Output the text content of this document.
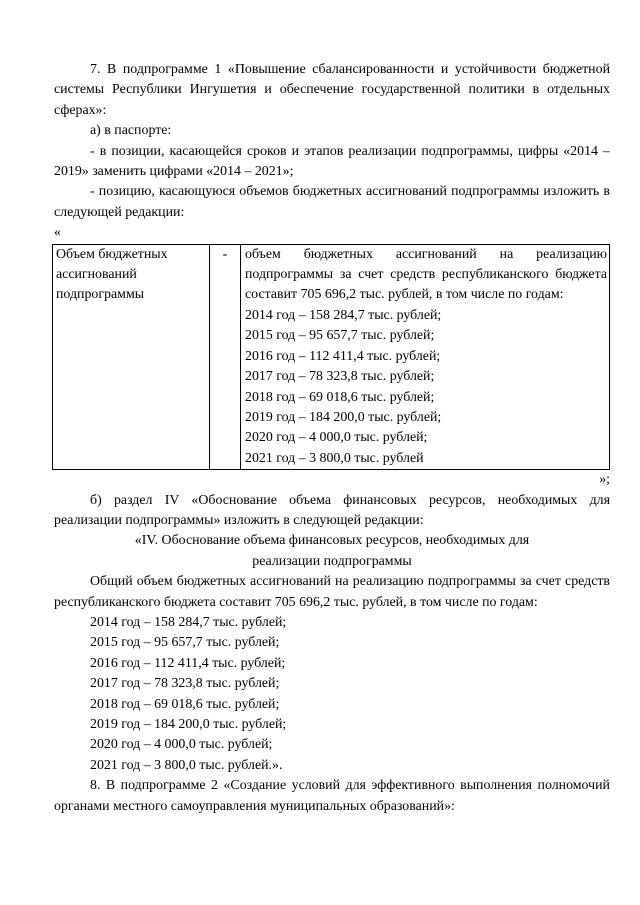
7. В подпрограмме 1 «Повышение сбалансированности и устойчивости бюджетной системы Республики Ингушетия и обеспечение государственной политики в отдельных сферах»:

а) в паспорте:

- в позиции, касающейся сроков и этапов реализации подпрограммы, цифры «2014 – 2019» заменить цифрами «2014 – 2021»;

- позицию, касающуюся объемов бюджетных ассигнований подпрограммы изложить в следующей редакции:

«

Объем бюджетных ассигнований подпрограммы	-	объем бюджетных ассигнований на реализацию подпрограммы за счет средств республиканского бюджета составит 705 696,2 тыс. рублей, в том числе по годам:

2014 год – 158 284,7 тыс. рублей;

2015 год – 95 657,7 тыс. рублей;

2016 год – 112 411,4 тыс. рублей;

2017 год – 78 323,8 тыс. рублей;

2018 год – 69 018,6 тыс. рублей;

2019 год – 184 200,0 тыс. рублей;

2020 год – 4 000,0 тыс. рублей;

2021 год – 3 800,0 тыс. рублей

»;

б) раздел IV «Обоснование объема финансовых ресурсов, необходимых для реализации подпрограммы» изложить в следующей редакции:

«IV. Обоснование объема финансовых ресурсов, необходимых для

реализации подпрограммы

Общий объем бюджетных ассигнований на реализацию подпрограммы за счет средств республиканского бюджета составит 705 696,2 тыс. рублей, в том числе по годам:

2014 год – 158 284,7 тыс. рублей;

2015 год – 95 657,7 тыс. рублей;

2016 год – 112 411,4 тыс. рублей;

2017 год – 78 323,8 тыс. рублей;

2018 год – 69 018,6 тыс. рублей;

2019 год – 184 200,0 тыс. рублей;

2020 год – 4 000,0 тыс. рублей;

2021 год – 3 800,0 тыс. рублей.».

8. В подпрограмме 2 «Создание условий для эффективного выполнения полномочий органами местного самоуправления муниципальных образований»:
